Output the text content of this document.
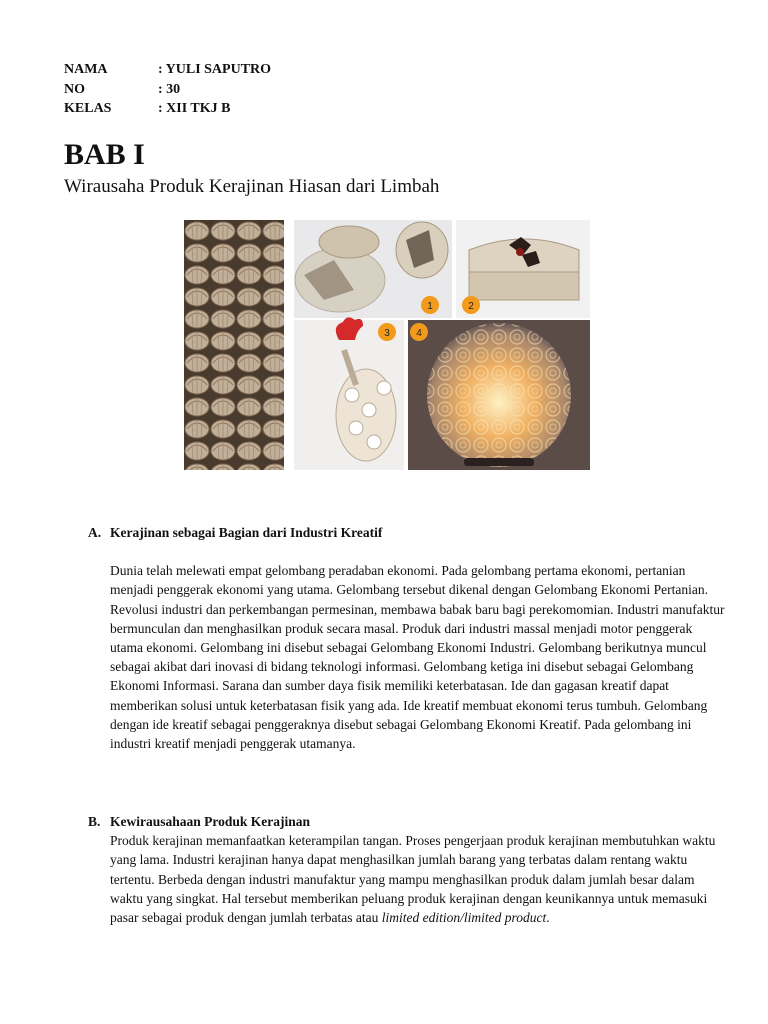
NAMA	: YULI SAPUTRO
NO	: 30
KELAS	: XII TKJ B
BAB I
Wirausaha Produk Kerajinan Hiasan dari Limbah
1	2
3	4
A. Kerajinan sebagai Bagian dari Industri Kreatif

Dunia telah melewati empat gelombang peradaban ekonomi. Pada gelombang pertama ekonomi, pertanian menjadi penggerak ekonomi yang utama. Gelombang tersebut dikenal dengan Gelombang Ekonomi Pertanian. Revolusi industri dan perkembangan permesinan, membawa babak baru bagi perekomomian. Industri manufaktur bermunculan dan menghasilkan produk secara masal. Produk dari industri massal menjadi motor penggerak utama ekonomi. Gelombang ini disebut sebagai Gelombang Ekonomi Industri. Gelombang berikutnya muncul sebagai akibat dari inovasi di bidang teknologi informasi. Gelombang ketiga ini disebut sebagai Gelombang Ekonomi Informasi. Sarana dan sumber daya fisik memiliki keterbatasan. Ide dan gagasan kreatif dapat memberikan solusi untuk keterbatasan fisik yang ada. Ide kreatif membuat ekonomi terus tumbuh. Gelombang dengan ide kreatif sebagai penggeraknya disebut sebagai Gelombang Ekonomi Kreatif. Pada gelombang ini industri kreatif menjadi penggerak utamanya.

B. Kewirausahaan Produk Kerajinan

Produk kerajinan memanfaatkan keterampilan tangan. Proses pengerjaan produk kerajinan membutuhkan waktu yang lama. Industri kerajinan hanya dapat menghasilkan jumlah barang yang terbatas dalam rentang waktu tertentu. Berbeda dengan industri manufaktur yang mampu menghasilkan produk dalam jumlah besar dalam waktu yang singkat. Hal tersebut memberikan peluang produk kerajinan dengan keunikannya untuk memasuki pasar sebagai produk dengan jumlah terbatas atau limited edition/limited product.
